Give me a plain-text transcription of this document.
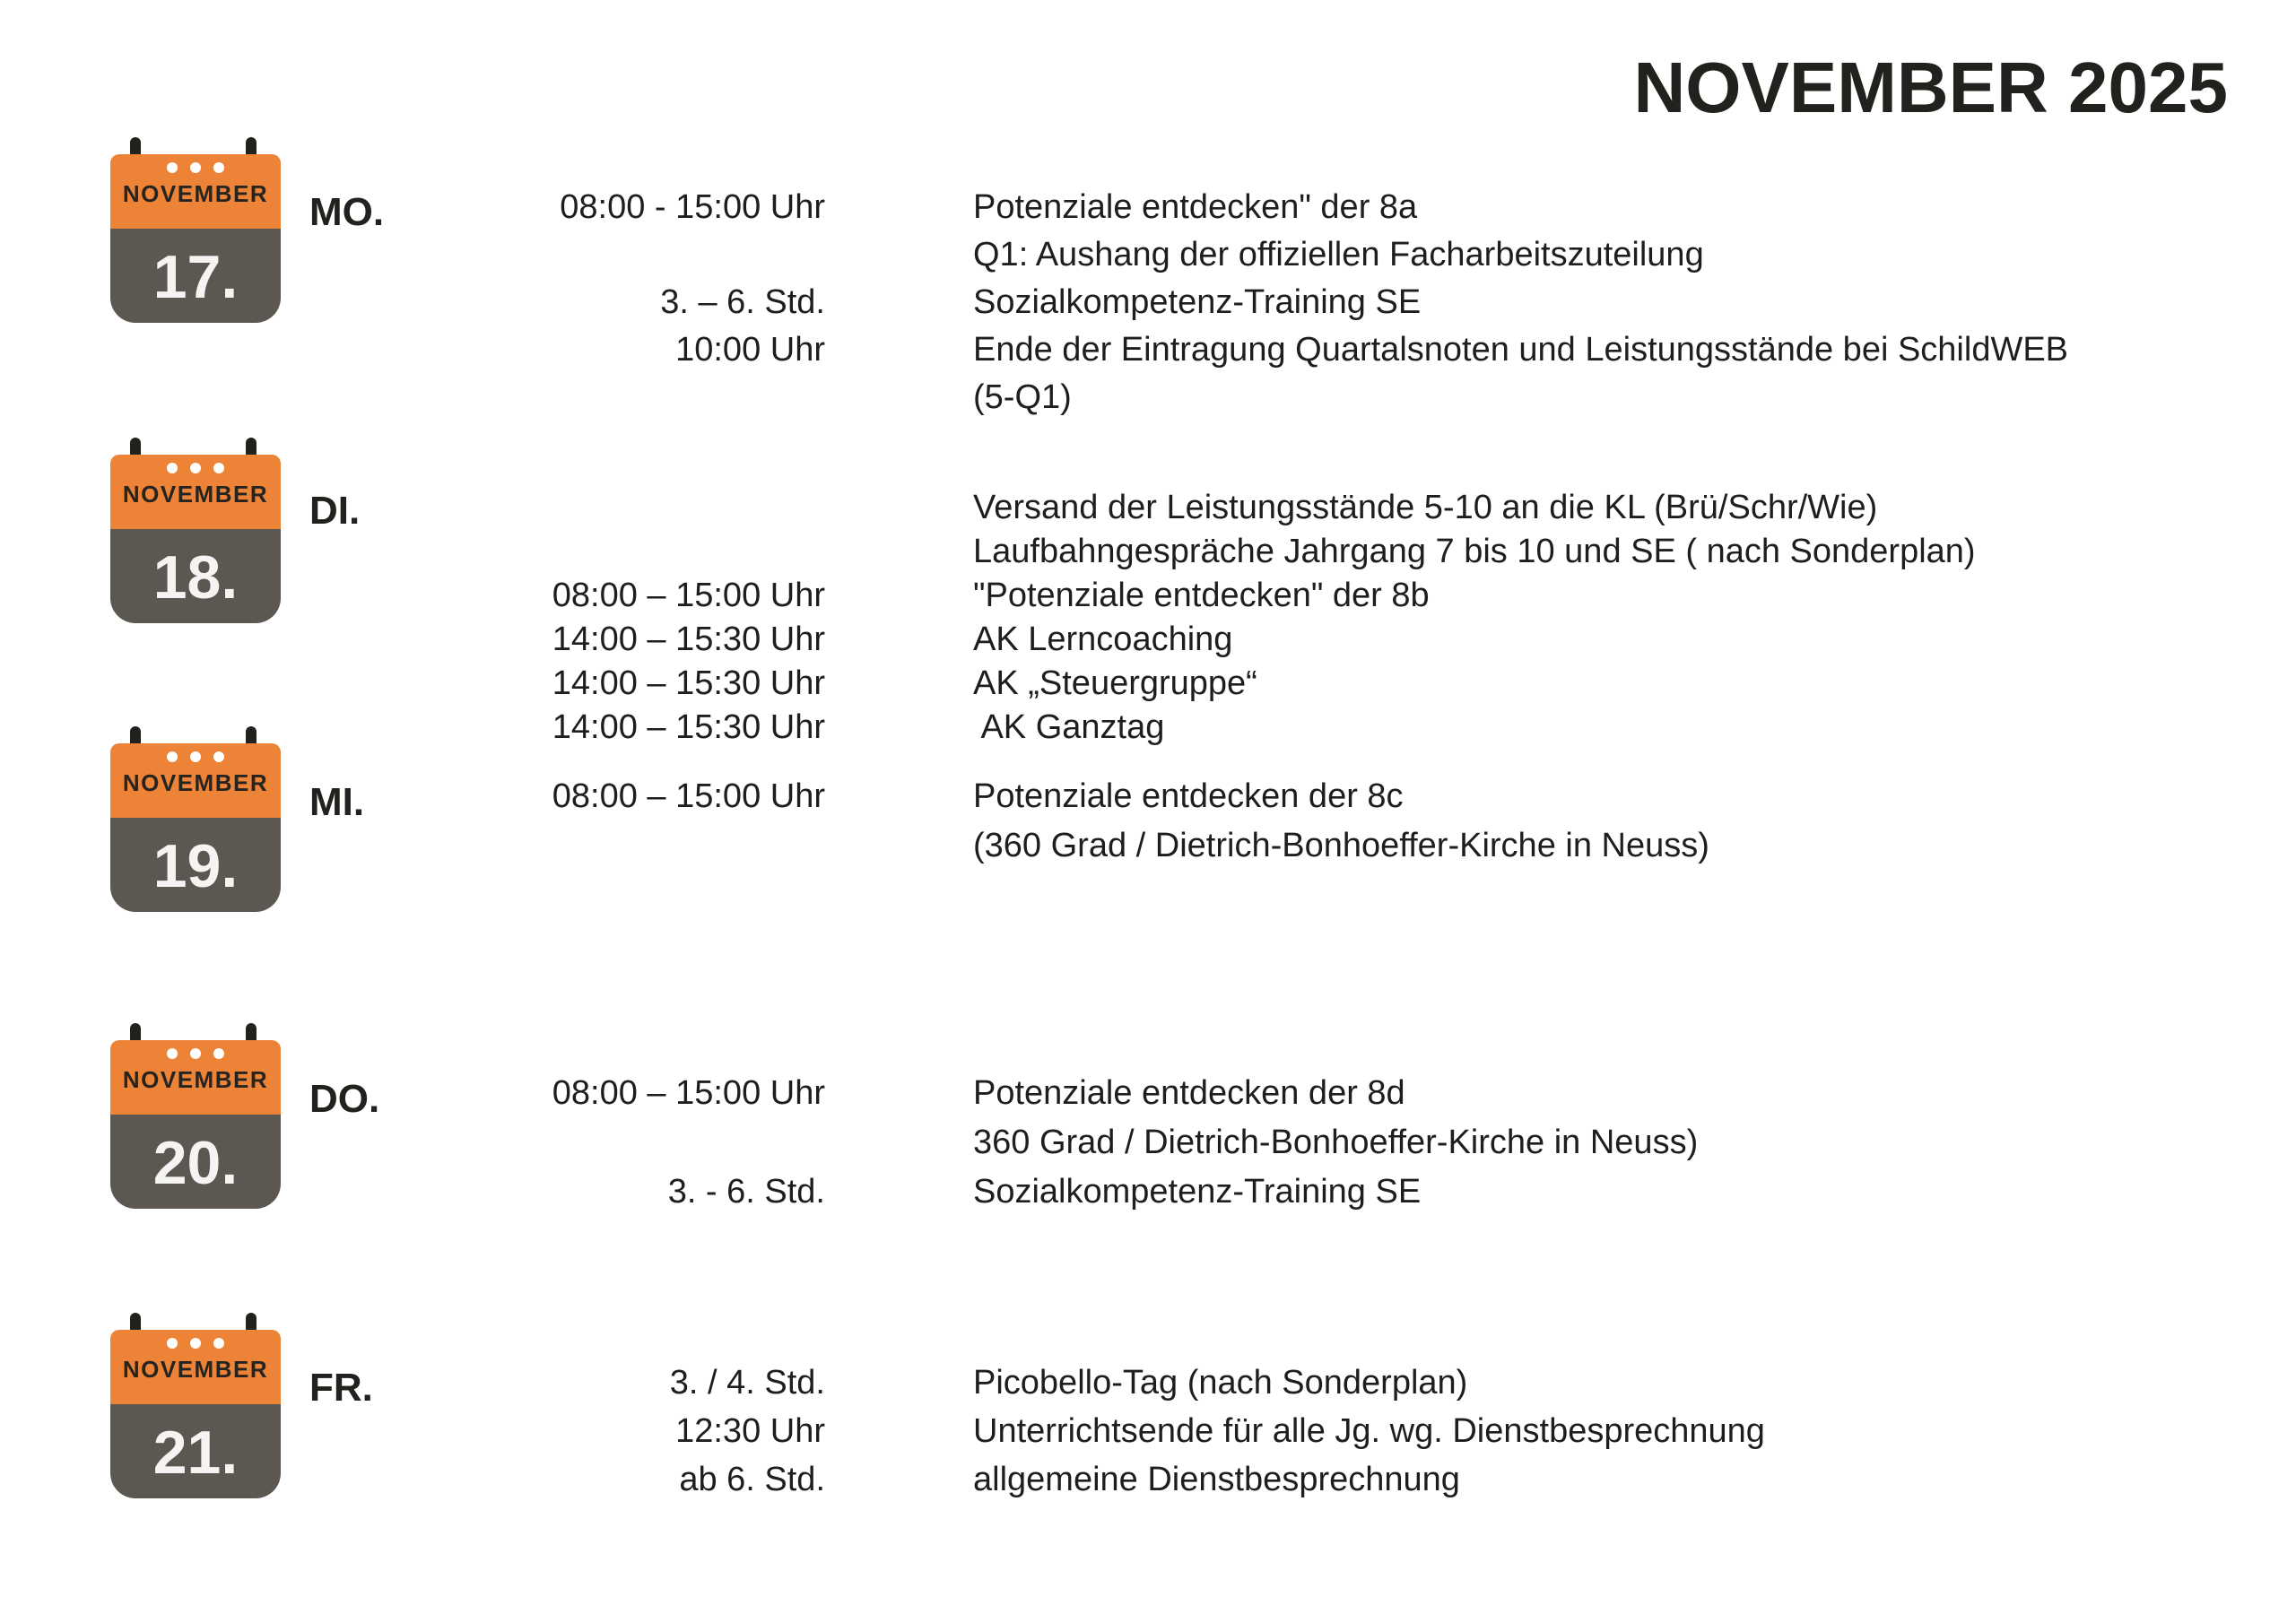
NOVEMBER 2025
NOVEMBER
17.
MO.	08:00 - 15:00 Uhr	Potenziale entdecken" der 8a
Q1: Aushang der offiziellen Facharbeitszuteilung
3. – 6. Std.	Sozialkompetenz-Training SE
10:00 Uhr	Ende der Eintragung Quartalsnoten und Leistungsstände bei SchildWEB
(5-Q1)
NOVEMBER
18.
DI.	Versand der Leistungsstände 5-10 an die KL (Brü/Schr/Wie)
Laufbahngespräche Jahrgang 7 bis 10 und SE ( nach Sonderplan)
08:00 – 15:00 Uhr	"Potenziale entdecken" der 8b
14:00 – 15:30 Uhr	AK Lerncoaching
14:00 – 15:30 Uhr	AK „Steuergruppe“
14:00 – 15:30 Uhr	AK Ganztag
NOVEMBER
19.
MI.	08:00 – 15:00 Uhr	Potenziale entdecken der 8c
(360 Grad / Dietrich-Bonhoeffer-Kirche in Neuss)
NOVEMBER
20.
DO.	08:00 – 15:00 Uhr	Potenziale entdecken der 8d
360 Grad / Dietrich-Bonhoeffer-Kirche in Neuss)
3. - 6. Std.	Sozialkompetenz-Training SE
NOVEMBER
21.
FR.	3. / 4. Std.	Picobello-Tag (nach Sonderplan)
12:30 Uhr	Unterrichtsende für alle Jg. wg. Dienstbesprechnung
ab 6. Std.	allgemeine Dienstbesprechnung
